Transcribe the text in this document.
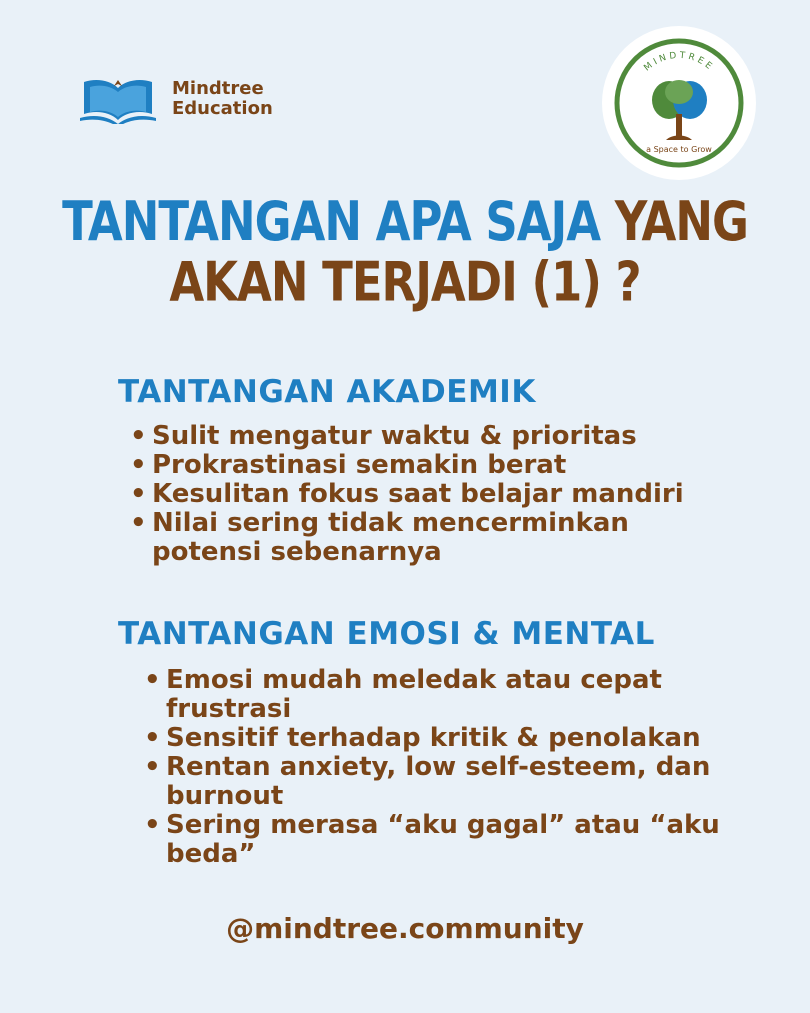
Mindtree
Education
MINDTREE
a Space to Grow
TANTANGAN APA SAJA YANG
AKAN TERJADI (1) ?
TANTANGAN AKADEMIK
• Sulit mengatur waktu & prioritas
• Prokrastinasi semakin berat
• Kesulitan fokus saat belajar mandiri
• Nilai sering tidak mencerminkan potensi sebenarnya
TANTANGAN EMOSI & MENTAL
• Emosi mudah meledak atau cepat frustrasi
• Sensitif terhadap kritik & penolakan
• Rentan anxiety, low self-esteem, dan burnout
• Sering merasa “aku gagal” atau “aku beda”
@mindtree.community
